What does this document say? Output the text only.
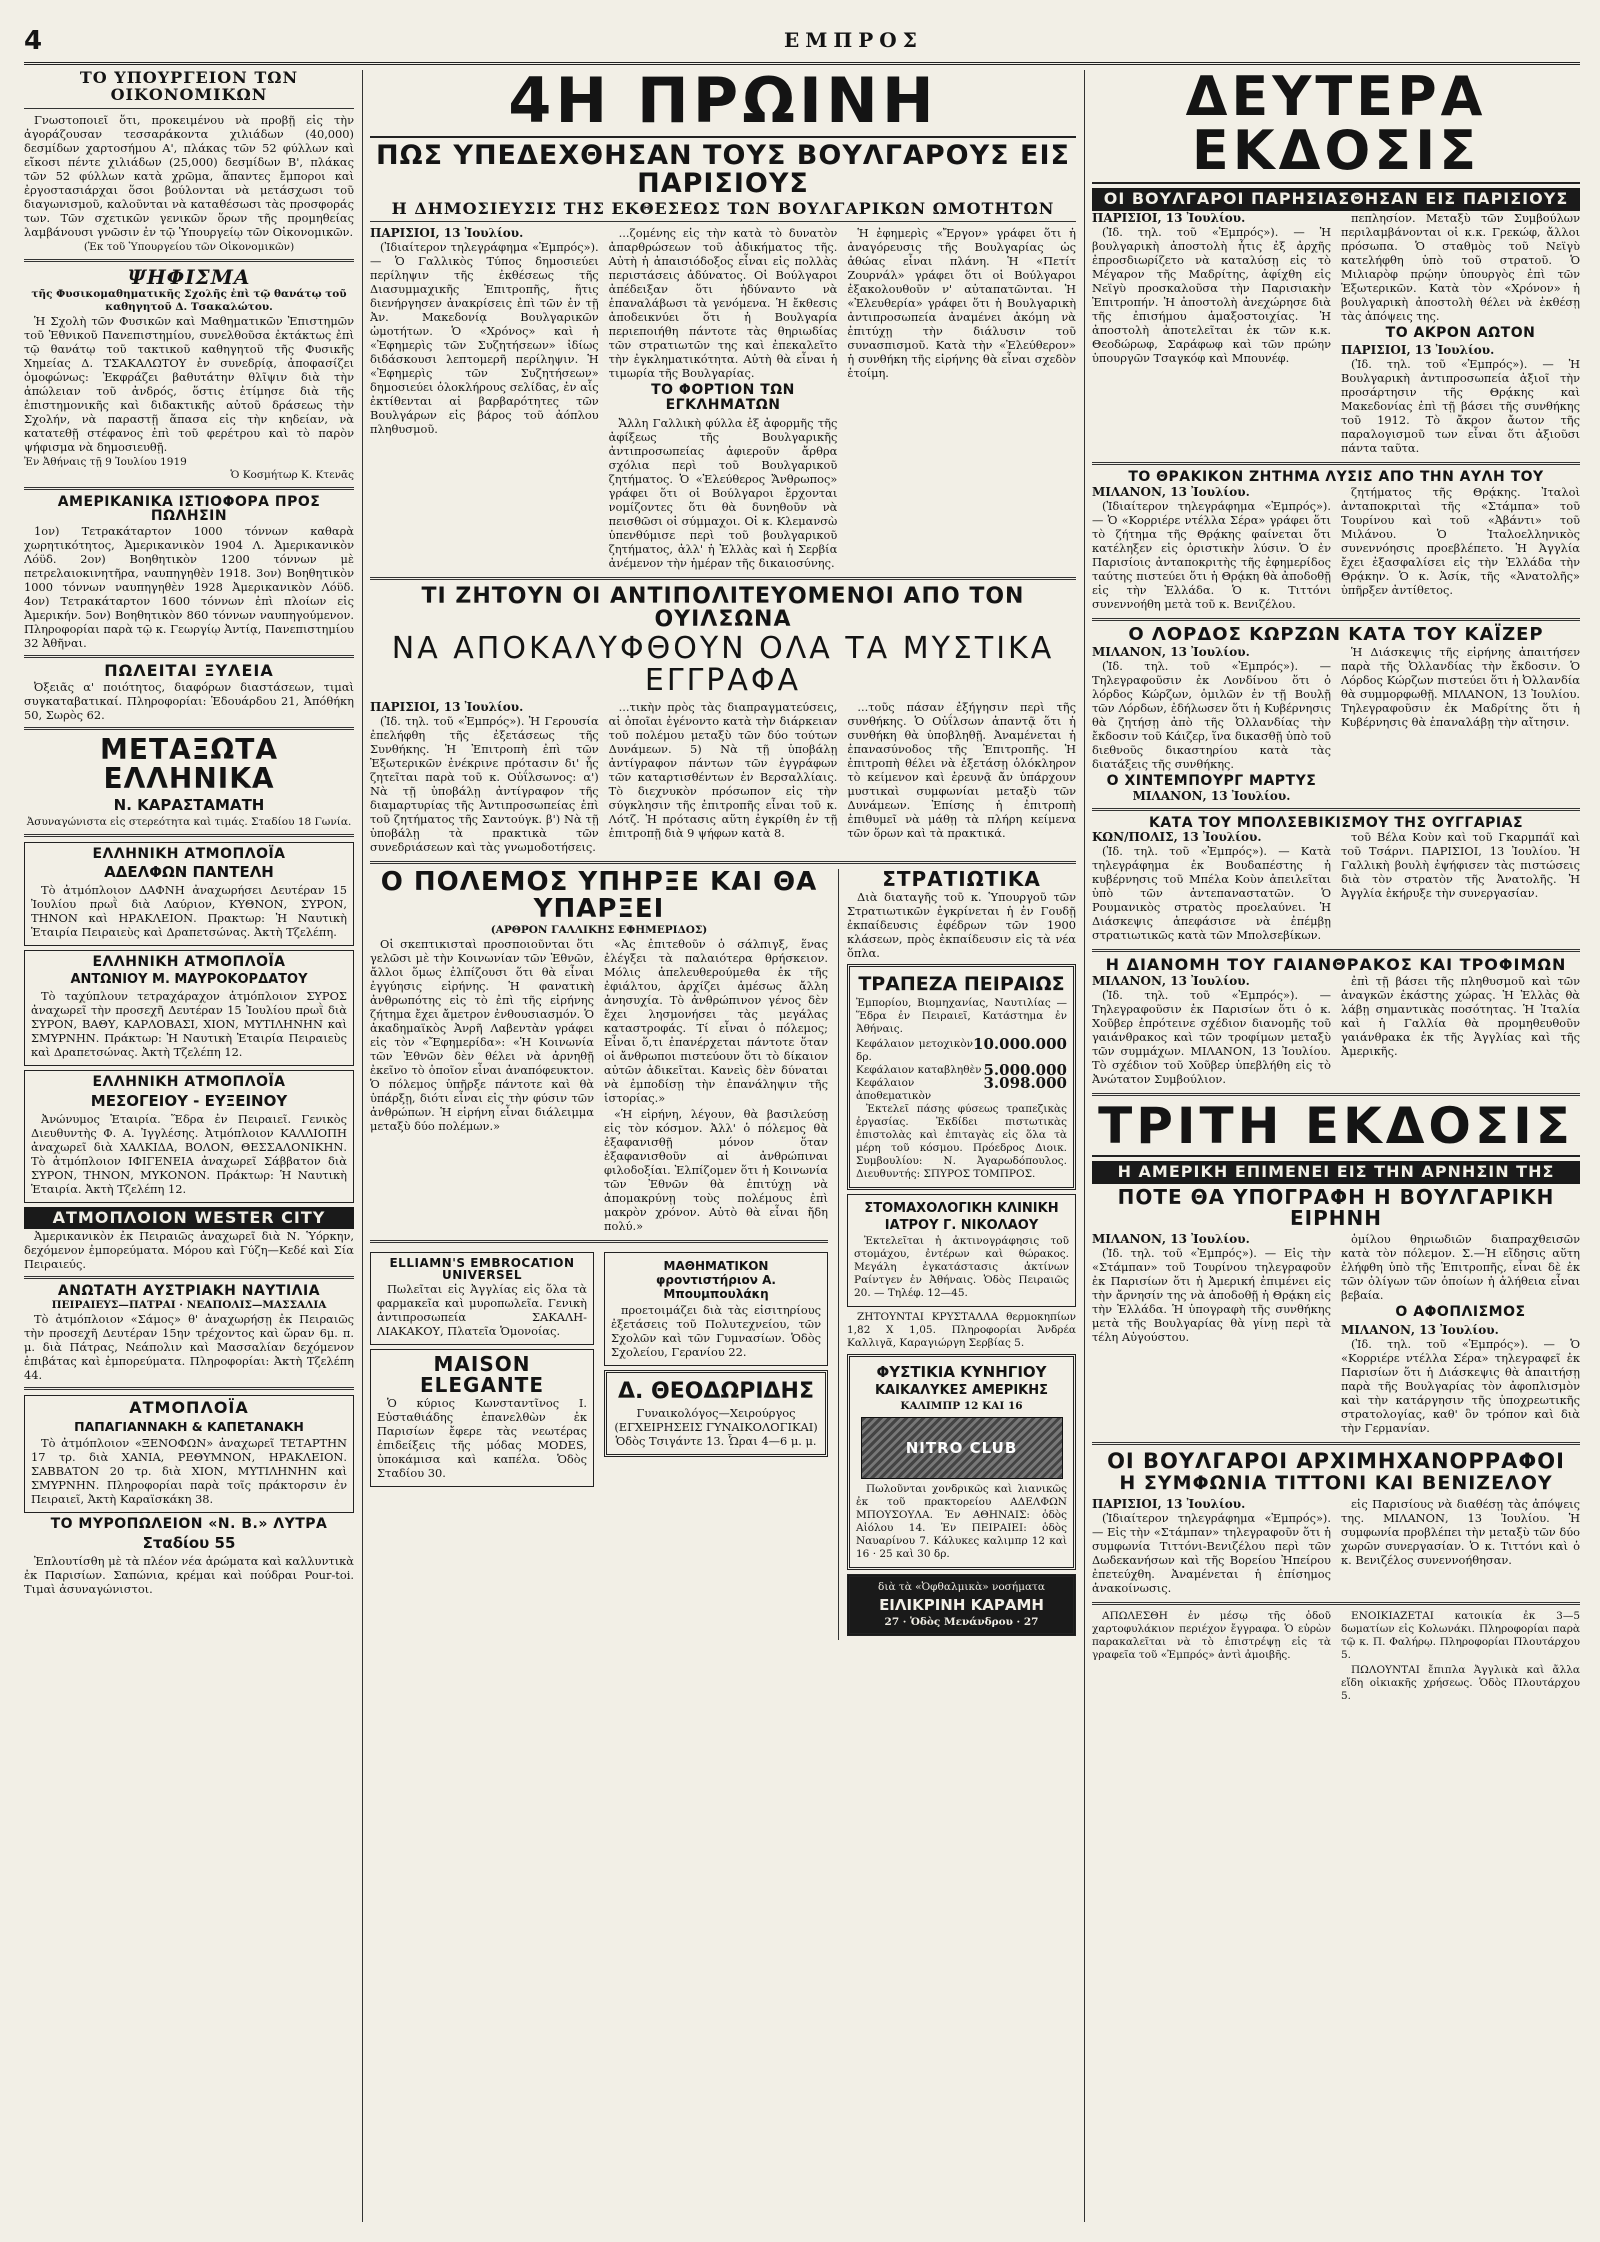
4	ΕΜΠΡΟΣ
ΤΟ ΥΠΟΥΡΓΕΙΟΝ ΤΩΝ ΟΙΚΟΝΟΜΙΚΩΝ

Γνωστοποιεῖ ὅτι, προκειμένου νὰ προβῇ εἰς τὴν ἀγοράζουσαν τεσσαράκοντα χιλιάδων (40,000) δεσμίδων χαρτοσήμου Α', πλάκας τῶν 52 φύλλων καὶ εἴκοσι πέντε χιλιάδων (25,000) δεσμίδων Β', πλάκας τῶν 52 φύλλων κατὰ χρῶμα, ἅπαντες ἔμποροι καὶ ἐργοστασιάρχαι ὅσοι βούλονται νὰ μετάσχωσι τοῦ διαγωνισμοῦ, καλοῦνται νὰ καταθέσωσι τὰς προσφοράς των. Τῶν σχετικῶν γενικῶν ὅρων τῆς προμηθείας λαμβάνουσι γνῶσιν ἐν τῷ Ὑπουργείῳ τῶν Οἰκονομικῶν.

(Ἐκ τοῦ Ὑπουργείου τῶν Οἰκονομικῶν)
ΨΗΦΙΣΜΑ
τῆς Φυσικομαθηματικῆς Σχολῆς ἐπὶ τῷ θανάτῳ τοῦ καθηγητοῦ Δ. Τσακαλώτου.

Ἡ Σχολὴ τῶν Φυσικῶν καὶ Μαθηματικῶν Ἐπιστημῶν τοῦ Ἐθνικοῦ Πανεπιστημίου, συνελθοῦσα ἐκτάκτως ἐπὶ τῷ θανάτῳ τοῦ τακτικοῦ καθηγητοῦ τῆς Φυσικῆς Χημείας Δ. ΤΣΑΚΑΛΩΤΟΥ ἐν συνεδρίᾳ, ἀποφασίζει ὁμοφώνως: Ἐκφράζει βαθυτάτην θλῖψιν διὰ τὴν ἀπώλειαν τοῦ ἀνδρός, ὅστις ἐτίμησε διὰ τῆς ἐπιστημονικῆς καὶ διδακτικῆς αὐτοῦ δράσεως τὴν Σχολήν, νὰ παραστῇ ἅπασα εἰς τὴν κηδείαν, νὰ κατατεθῇ στέφανος ἐπὶ τοῦ φερέτρου καὶ τὸ παρὸν ψήφισμα νὰ δημοσιευθῇ.

Ἐν Ἀθήναις τῇ 9 Ἰουλίου 1919
Ὁ Κοσμήτωρ Κ. Κτενᾶς
ΑΜΕΡΙΚΑΝΙΚΑ ΙΣΤΙΟΦΟΡΑ ΠΡΟΣ ΠΩΛΗΣΙΝ

1ον) Τετρακάταρτον 1000 τόννων καθαρὰ χωρητικότητος, Ἀμερικανικὸν 1904 Λ. Ἀμερικανικὸν Λόϋδ. 2ον) Βοηθητικὸν 1200 τόννων μὲ πετρελαιοκινητῆρα, ναυπηγηθὲν 1918. 3ον) Βοηθητικὸν 1000 τόννων ναυπηγηθὲν 1928 Ἀμερικανικὸν Λόϋδ. 4ον) Τετρακάταρτον 1600 τόννων ἐπὶ πλοίων εἰς Ἀμερικήν. 5ον) Βοηθητικὸν 860 τόννων ναυπηγούμενον. Πληροφορίαι παρὰ τῷ κ. Γεωργίῳ Ἀντίᾳ, Πανεπιστημίου 32 Ἀθῆναι.

ΠΩΛΕΙΤΑΙ ΞΥΛΕΙΑ

Ὀξειᾶς α' ποιότητος, διαφόρων διαστάσεων, τιμαὶ συγκαταβατικαί. Πληροφορίαι: Ἐδουάρδου 21, Ἀπόθήκη 50, Σωρὸς 62.

ΜΕΤΑΞΩΤΑ ΕΛΛΗΝΙΚΑ
Ν. ΚΑΡΑΣΤΑΜΑΤΗ
Ἀσυναγώνιστα εἰς στερεότητα καὶ τιμάς. Σταδίου 18 Γωνία.
ΕΛΛΗΝΙΚΗ ΑΤΜΟΠΛΟΪΑ
ΑΔΕΛΦΩΝ ΠΑΝΤΕΛΗ

Τὸ ἀτμόπλοιον ΔΑΦΝΗ ἀναχωρήσει Δευτέραν 15 Ἰουλίου πρωῒ διὰ Λαύριον, ΚΥΘΝΟΝ, ΣΥΡΟΝ, ΤΗΝΟΝ καὶ ΗΡΑΚΛΕΙΟΝ. Πρακτωρ: Ἡ Ναυτικὴ Ἑταιρία Πειραιεὺς καὶ Δραπετσώνας. Ἀκτὴ Τζελέπη.

ΕΛΛΗΝΙΚΗ ΑΤΜΟΠΛΟΪΑ
ΑΝΤΩΝΙΟΥ Μ. ΜΑΥΡΟΚΟΡΔΑΤΟΥ

Τὸ ταχύπλουν τετραχάραχον ἀτμόπλοιον ΣΥΡΟΣ ἀναχωρεῖ τὴν προσεχῆ Δευτέραν 15 Ἰουλίου πρωῒ διὰ ΣΥΡΟΝ, ΒΑΘΥ, ΚΑΡΛΟΒΑΣΙ, ΧΙΟΝ, ΜΥΤΙΛΗΝΗΝ καὶ ΣΜΥΡΝΗΝ. Πράκτωρ: Ἡ Ναυτικὴ Ἑταιρία Πειραιεὺς καὶ Δραπετσώνας. Ἀκτὴ Τζελέπη 12.

ΕΛΛΗΝΙΚΗ ΑΤΜΟΠΛΟΪΑ
ΜΕΣΟΓΕΙΟΥ - ΕΥΞΕΙΝΟΥ

Ἀνώνυμος Ἑταιρία. Ἕδρα ἐν Πειραιεῖ. Γενικὸς Διευθυντὴς Φ. Α. Ἰγγλέσης. Ἀτμόπλοιον ΚΑΛΛΙΟΠΗ ἀναχωρεῖ διὰ ΧΑΛΚΙΔΑ, ΒΟΛΟΝ, ΘΕΣΣΑΛΟΝΙΚΗΝ. Τὸ ἀτμόπλοιον ΙΦΙΓΕΝΕΙΑ ἀναχωρεῖ Σάββατον διὰ ΣΥΡΟΝ, ΤΗΝΟΝ, ΜΥΚΟΝΟΝ. Πράκτωρ: Ἡ Ναυτικὴ Ἑταιρία. Ἀκτὴ Τζελέπη 12.

ΑΤΜΟΠΛΟΙΟΝ WESTER CITY

Ἀμερικανικὸν ἐκ Πειραιῶς ἀναχωρεῖ διὰ Ν. Ὑόρκην, δεχόμενον ἐμπορεύματα. Μόρου καὶ Γύζη—Κεδέ καὶ Σία Πειραιεύς.

ΑΝΩΤΑΤΗ ΑΥΣΤΡΙΑΚΗ ΝΑΥΤΙΛΙΑ
ΠΕΙΡΑΙΕΥΣ—ΠΑΤΡΑΙ · ΝΕΑΠΟΛΙΣ—ΜΑΣΣΑΛΙΑ

Τὸ ἀτμόπλοιον «Σάμος» θ' ἀναχωρήσῃ ἐκ Πειραιῶς τὴν προσεχῆ Δευτέραν 15ην τρέχοντος καὶ ὥραν 6μ. π. μ. διὰ Πάτρας, Νεάπολιν καὶ Μασσαλίαν δεχόμενον ἐπιβάτας καὶ ἐμπορεύματα. Πληροφορίαι: Ἀκτὴ Τζελέπη 44.

ΑΤΜΟΠΛΟΪΑ
ΠΑΠΑΓΙΑΝΝΑΚΗ & ΚΑΠΕΤΑΝΑΚΗ

Τὸ ἀτμόπλοιον «ΞΕΝΟΦΩΝ» ἀναχωρεῖ ΤΕΤΑΡΤΗΝ 17 τρ. διὰ ΧΑΝΙΑ, ΡΕΘΥΜΝΟΝ, ΗΡΑΚΛΕΙΟΝ. ΣΑΒΒΑΤΟΝ 20 τρ. διὰ ΧΙΟΝ, ΜΥΤΙΛΗΝΗΝ καὶ ΣΜΥΡΝΗΝ. Πληροφορίαι παρὰ τοῖς πράκτορσιν ἐν Πειραιεῖ, Ἀκτὴ Καραϊσκάκη 38.

ΤΟ ΜΥΡΟΠΩΛΕΙΟΝ «Ν. Β.» ΛΥΤΡΑ
Σταδίου 55

Ἐπλουτίσθη μὲ τὰ πλέον νέα ἀρώματα καὶ καλλυντικὰ ἐκ Παρισίων. Σαπώνια, κρέμαι καὶ πούδραι Pour-toi. Τιμαὶ ἀσυναγώνιστοι.

4Η ΠΡΩΙΝΗ
ΠΩΣ ΥΠΕΔΕΧΘΗΣΑΝ ΤΟΥΣ ΒΟΥΛΓΑΡΟΥΣ ΕΙΣ ΠΑΡΙΣΙΟΥΣ
Η ΔΗΜΟΣΙΕΥΣΙΣ ΤΗΣ ΕΚΘΕΣΕΩΣ ΤΩΝ ΒΟΥΛΓΑΡΙΚΩΝ ΩΜΟΤΗΤΩΝ
ΠΑΡΙΣΙΟΙ, 13 Ἰουλίου.

(Ἰδιαίτερον τηλεγράφημα «Ἐμπρός»). — Ὁ Γαλλικὸς Τύπος δημοσιεύει περίληψιν τῆς ἐκθέσεως τῆς Διασυμμαχικῆς Ἐπιτροπῆς, ἥτις διενήργησεν ἀνακρίσεις ἐπὶ τῶν ἐν τῇ Ἀν. Μακεδονίᾳ Βουλγαρικῶν ὠμοτήτων. Ὁ «Χρόνος» καὶ ἡ «Ἐφημερὶς τῶν Συζητήσεων» ἰδίως διδάσκουσι λεπτομερῆ περίληψιν. Ἡ «Ἐφημερὶς τῶν Συζητήσεων» δημοσιεύει ὁλοκλήρους σελίδας, ἐν αἷς ἐκτίθενται αἱ βαρβαρότητες τῶν Βουλγάρων εἰς βάρος τοῦ ἀόπλου πληθυσμοῦ.

...ζομένης εἰς τὴν κατὰ τὸ δυνατὸν ἀπαρθρώσεων τοῦ ἀδικήματος τῆς. Αὐτὴ ἡ ἀπαισιόδοξος εἶναι εἰς πολλὰς περιστάσεις ἀδύνατος. Οἱ Βούλγαροι ἀπέδειξαν ὅτι ἠδύναντο νὰ ἐπαναλάβωσι τὰ γενόμενα. Ἡ ἔκθεσις ἀποδεικνύει ὅτι ἡ Βουλγαρία περιεποιήθη πάντοτε τὰς θηριωδίας τῶν στρατιωτῶν της καὶ ἐπεκαλεῖτο τὴν ἐγκληματικότητα. Αὐτὴ θὰ εἶναι ἡ τιμωρία τῆς Βουλγαρίας.

ΤΟ ΦΟΡΤΙΟΝ ΤΩΝ ΕΓΚΛΗΜΑΤΩΝ

Ἄλλη Γαλλικὴ φύλλα ἐξ ἀφορμῆς τῆς ἀφίξεως τῆς Βουλγαρικῆς ἀντιπροσωπείας ἀφιεροῦν ἄρθρα σχόλια περὶ τοῦ Βουλγαρικοῦ ζητήματος. Ὁ «Ἐλεύθερος Ἄνθρωπος» γράφει ὅτι οἱ Βούλγαροι ἔρχονται νομίζοντες ὅτι θὰ δυνηθοῦν νὰ πεισθῶσι οἱ σύμμαχοι. Οἱ κ. Κλεμανσὼ ὑπενθύμισε περὶ τοῦ βουλγαρικοῦ ζητήματος, ἀλλ' ἡ Ἑλλὰς καὶ ἡ Σερβία ἀνέμενον τὴν ἡμέραν τῆς δικαιοσύνης.

Ἡ ἐφημερὶς «Ἔργον» γράφει ὅτι ἡ ἀναγόρευσις τῆς Βουλγαρίας ὡς ἀθώας εἶναι πλάνη. Ἡ «Πετίτ Ζουρνάλ» γράφει ὅτι οἱ Βούλγαροι ἐξακολουθοῦν ν' αὐταπατῶνται. Ἡ «Ἐλευθερία» γράφει ὅτι ἡ Βουλγαρικὴ ἀντιπροσωπεία ἀναμένει ἀκόμη νὰ ἐπιτύχῃ τὴν διάλυσιν τοῦ συνασπισμοῦ. Κατὰ τὴν «Ἐλεύθερον» ἡ συνθήκη τῆς εἰρήνης θὰ εἶναι σχεδὸν ἑτοίμη.

ΤΙ ΖΗΤΟΥΝ ΟΙ ΑΝΤΙΠΟΛΙΤΕΥΟΜΕΝΟΙ ΑΠΟ ΤΟΝ ΟΥΙΛΣΩΝΑ
ΝΑ ΑΠΟΚΑΛΥΦΘΟΥΝ ΟΛΑ ΤΑ ΜΥΣΤΙΚΑ ΕΓΓΡΑΦΑ
ΠΑΡΙΣΙΟΙ, 13 Ἰουλίου.

(Ἰδ. τηλ. τοῦ «Ἐμπρός»). Ἡ Γερουσία ἐπελήφθη τῆς ἐξετάσεως τῆς Συνθήκης. Ἡ Ἐπιτροπὴ ἐπὶ τῶν Ἐξωτερικῶν ἐνέκρινε πρότασιν δι' ἧς ζητεῖται παρὰ τοῦ κ. Οὐΐλσωνος: α') Νὰ τῇ ὑποβάλῃ ἀντίγραφον τῆς διαμαρτυρίας τῆς Ἀντιπροσωπείας ἐπὶ τοῦ ζητήματος τῆς Σαντούγκ. β') Νὰ τῇ ὑποβάλῃ τὰ πρακτικὰ τῶν συνεδριάσεων καὶ τὰς γνωμοδοτήσεις.

...τικὴν πρὸς τὰς διαπραγματεύσεις, αἱ ὁποῖαι ἐγένοντο κατὰ τὴν διάρκειαν τοῦ πολέμου μεταξὺ τῶν δύο τούτων Δυνάμεων. 5) Νὰ τῇ ὑποβάλῃ ἀντίγραφον πάντων τῶν ἐγγράφων τῶν καταρτισθέντων ἐν Βερσαλλίαις. Τὸ διεχνυκὸν πρόσωπον εἰς τὴν σύγκλησιν τῆς ἐπιτροπῆς εἶναι τοῦ κ. Λότζ. Ἡ πρότασις αὕτη ἐγκρίθη ἐν τῇ ἐπιτροπῇ διὰ 9 ψήφων κατὰ 8.

...τοῦς πάσαν ἐξήγησιν περὶ τῆς συνθήκης. Ὁ Οὐΐλσων ἀπαντᾷ ὅτι ἡ συνθήκη θὰ ὑποβληθῇ. Ἀναμένεται ἡ ἐπανασύνοδος τῆς Ἐπιτροπῆς. Ἡ ἐπιτροπὴ θέλει νὰ ἐξετάσῃ ὁλόκληρον τὸ κείμενον καὶ ἐρευνᾷ ἄν ὑπάρχουν μυστικαὶ συμφωνίαι μεταξὺ τῶν Δυνάμεων. Ἐπίσης ἡ ἐπιτροπὴ ἐπιθυμεῖ νὰ μάθῃ τὰ πλήρη κείμενα τῶν ὅρων καὶ τὰ πρακτικά.

Ο ΠΟΛΕΜΟΣ ΥΠΗΡΞΕ ΚΑΙ ΘΑ ΥΠΑΡΞΕΙ
(ΑΡΘΡΟΝ ΓΑΛΛΙΚΗΣ ΕΦΗΜΕΡΙΔΟΣ)

Οἱ σκεπτικισταὶ προσποιοῦνται ὅτι γελῶσι μὲ τὴν Κοινωνίαν τῶν Ἐθνῶν, ἄλλοι ὅμως ἐλπίζουσι ὅτι θὰ εἶναι ἐγγύησις εἰρήνης. Ἡ φανατικὴ ἀνθρωπότης εἰς τὸ ἐπὶ τῆς εἰρήνης ζήτημα ἔχει ἄμετρον ἐνθουσιασμόν. Ὁ ἀκαδημαϊκὸς Ἀνρῆ Λαβεντὰν γράφει εἰς τὸν «Ἔφημερίδα»: «Ἡ Κοινωνία τῶν Ἐθνῶν δὲν θέλει νὰ ἀρνηθῇ ἐκεῖνο τὸ ὁποῖον εἶναι ἀναπόφευκτον. Ὁ πόλεμος ὑπῆρξε πάντοτε καὶ θὰ ὑπάρξῃ, διότι εἶναι εἰς τὴν φύσιν τῶν ἀνθρώπων. Ἡ εἰρήνη εἶναι διάλειμμα μεταξὺ δύο πολέμων.»

«Ἀς ἐπιτεθοῦν ὁ σάλπιγξ, ἕνας ἐλέγξει τὰ παλαιότερα θρήσκειον. Μόλις ἀπελευθερούμεθα ἐκ τῆς ἐφιάλτου, ἀρχίζει ἀμέσως ἄλλη ἀνησυχία. Τὸ ἀνθρώπινον γένος δὲν ἔχει λησμονήσει τὰς μεγάλας καταστροφάς. Τί εἶναι ὁ πόλεμος; Εἶναι ὅ,τι ἐπανέρχεται πάντοτε ὅταν οἱ ἄνθρωποι πιστεύουν ὅτι τὸ δίκαιον αὐτῶν ἀδικεῖται. Κανεὶς δὲν δύναται νὰ ἐμποδίσῃ τὴν ἐπανάληψιν τῆς ἱστορίας.»

«Ἡ εἰρήνη, λέγουν, θὰ βασιλεύσῃ εἰς τὸν κόσμον. Ἀλλ' ὁ πόλεμος θὰ ἐξαφανισθῇ μόνον ὅταν ἐξαφανισθοῦν αἱ ἀνθρώπιναι φιλοδοξίαι. Ἐλπίζομεν ὅτι ἡ Κοινωνία τῶν Ἐθνῶν θὰ ἐπιτύχῃ νὰ ἀπομακρύνῃ τοὺς πολέμους ἐπὶ μακρὸν χρόνον. Αὐτὸ θὰ εἶναι ἤδη πολύ.»

ELLIAMN'S EMBROCATION UNIVERSEL

Πωλεῖται εἰς Ἀγγλίας εἰς ὅλα τὰ φαρμακεῖα καὶ μυροπωλεῖα. Γενικὴ ἀντιπροσωπεία ΣΑΚΑΛΗ-ΛΙΑΚΑΚΟΥ, Πλατεῖα Ὁμονοίας.

MAISON ELEGANTE

Ὁ κύριος Κωνσταντῖνος Ι. Εὐσταθιάδης ἐπανελθὼν ἐκ Παρισίων ἔφερε τὰς νεωτέρας ἐπιδείξεις τῆς μόδας MODES, ὑποκάμισα καὶ καπέλα. Ὁδὸς Σταδίου 30.

ΜΑΘΗΜΑΤΙΚΟΝ φροντιστήριον Α. Μπουμπουλάκη

προετοιμάζει διὰ τὰς εἰσιτηρίους ἐξετάσεις τοῦ Πολυτεχνείου, τῶν Σχολῶν καὶ τῶν Γυμνασίων. Ὁδὸς Σχολείου, Γερανίου 22.

Δ. ΘΕΟΔΩΡΙΔΗΣ

Γυναικολόγος—Χειρούργος (ΕΓΧΕΙΡΗΣΕΙΣ ΓΥΝΑΙΚΟΛΟΓΙΚΑΙ) Ὁδὸς Τσιγάντε 13. Ὧραι 4—6 μ. μ.

ΣΤΡΑΤΙΩΤΙΚΑ

Διὰ διαταγῆς τοῦ κ. Ὑπουργοῦ τῶν Στρατιωτικῶν ἐγκρίνεται ἡ ἐν Γουδῇ ἐκπαίδευσις ἐφέδρων τῶν 1900 κλάσεων, πρὸς ἐκπαίδευσιν εἰς τὰ νέα ὅπλα.

ΤΡΑΠΕΖΑ ΠΕΙΡΑΙΩΣ

Ἐμπορίου, Βιομηχανίας, Ναυτιλίας — Ἕδρα ἐν Πειραιεῖ, Κατάστημα ἐν Ἀθήναις.

Κεφάλαιον μετοχικὸν δρ.
10.000.000
Κεφάλαιον καταβληθὲν 5.000.000
Κεφάλαιον ἀποθεματικὸν
3.098.000

Ἐκτελεῖ πάσης φύσεως τραπεζικὰς ἐργασίας. Ἐκδίδει πιστωτικὰς ἐπιστολὰς καὶ ἐπιταγὰς εἰς ὅλα τὰ μέρη τοῦ κόσμου. Πρόεδρος Διοικ. Συμβουλίου: Ν. Ἀγαρωδόπουλος. Διευθυντής: ΣΠΥΡΟΣ ΤΟΜΠΡΟΣ.

ΣΤΟΜΑΧΟΛΟΓΙΚΗ ΚΛΙΝΙΚΗ
ΙΑΤΡΟΥ Γ. ΝΙΚΟΛΑΟΥ

Ἐκτελεῖται ἡ ἀκτινογράφησις τοῦ στομάχου, ἐντέρων καὶ θώρακος. Μεγάλη ἐγκατάστασις ἀκτίνων Ραίντγεν ἐν Ἀθήναις. Ὁδὸς Πειραιῶς 20. — Τηλέφ. 12—45.

ΖΗΤΟΥΝΤΑΙ ΚΡΥΣΤΑΛΛΑ θερμοκηπίων 1,82 Χ 1,05. Πληροφορίαι Ἀνδρέα Καλλιγᾶ, Καραγιώργη Σερβίας 5.

ΦΥΣΤΙΚΙΑ ΚΥΝΗΓΙΟΥ
ΚΑΙΚΑΛΥΚΕΣ ΑΜΕΡΙΚΗΣ
ΚΑΛΙΜΠΡ 12 ΚΑΙ 16
NITRO CLUB

Πωλοῦνται χονδρικῶς καὶ λιανικῶς ἐκ τοῦ πρακτορείου ΑΔΕΛΦΩΝ ΜΠΟΥΣΟΥΛΑ. Ἐν ΑΘΗΝΑΙΣ: ὁδὸς Αἰόλου 14. Ἐν ΠΕΙΡΑΙΕΙ: ὁδὸς Ναυαρίνου 7. Κάλυκες καλιμπρ 12 καὶ 16 · 25 καὶ 30 δρ.

διὰ τὰ «Ὀφθαλμικὰ» νοσήματα
ΕΙΛΙΚΡΙΝΗ ΚΑΡΑΜΗ
27 · Ὁδὸς Μενάνδρου · 27
ΔΕΥΤΕΡΑ ΕΚΔΟΣΙΣ
ΟΙ ΒΟΥΛΓΑΡΟΙ ΠΑΡΗΣΙΑΣΘΗΣΑΝ ΕΙΣ ΠΑΡΙΣΙΟΥΣ
ΠΑΡΙΣΙΟΙ, 13 Ἰουλίου.

(Ἰδ. τηλ. τοῦ «Ἐμπρός»). — Ἡ βουλγαρικὴ ἀποστολὴ ἦτις ἐξ ἀρχῆς ἐπροσδιωρίζετο νὰ καταλύσῃ εἰς τὸ Μέγαρον τῆς Μαδρίτης, ἀφίχθη εἰς Νεϊγὺ προσκαλοῦσα τὴν Παρισιακὴν Ἐπιτροπήν. Ἡ ἀποστολὴ ἀνεχώρησε διὰ τῆς ἐπισήμου ἀμαξοστοιχίας. Ἡ ἀποστολὴ ἀποτελεῖται ἐκ τῶν κ.κ. Θεοδώρωφ, Σαράφωφ καὶ τῶν πρώην ὑπουργῶν Τσαγκόφ καὶ Μπουνέφ.

πεπλησίον. Μεταξὺ τῶν Συμβούλων περιλαμβάνονται οἱ κ.κ. Γρεκώφ, ἄλλοι πρόσωπα. Ὁ σταθμὸς τοῦ Νεϊγὺ κατελήφθη ὑπὸ τοῦ στρατοῦ. Ὁ Μιλιαρὸφ πρῴην ὑπουργὸς ἐπὶ τῶν Ἐξωτερικῶν. Κατὰ τὸν «Χρόνον» ἡ βουλγαρικὴ ἀποστολὴ θέλει νὰ ἐκθέσῃ τὰς ἀπόψεις της.

ΤΟ ΑΚΡΟΝ ΑΩΤΟΝ
ΠΑΡΙΣΙΟΙ, 13 Ἰουλίου.

(Ἰδ. τηλ. τοῦ «Ἐμπρός»). — Ἡ Βουλγαρικὴ ἀντιπροσωπεία ἀξιοῖ τὴν προσάρτησιν τῆς Θρᾴκης καὶ Μακεδονίας ἐπὶ τῇ βάσει τῆς συνθήκης τοῦ 1912. Τὸ ἄκρον ἄωτον τῆς παραλογισμοῦ των εἶναι ὅτι ἀξιοῦσι πάντα ταῦτα.

ΤΟ ΘΡΑΚΙΚΟΝ ΖΗΤΗΜΑ ΛΥΣΙΣ ΑΠΟ ΤΗΝ ΑΥΛΗ ΤΟΥ
ΜΙΛΑΝΟΝ, 13 Ἰουλίου.

(Ἰδιαίτερον τηλεγράφημα «Ἐμπρός»). — Ὁ «Κορριέρε ντέλλα Σέρα» γράφει ὅτι τὸ ζήτημα τῆς Θρᾴκης φαίνεται ὅτι κατέληξεν εἰς ὁριστικὴν λύσιν. Ὁ ἐν Παρισίοις ἀνταποκριτὴς τῆς ἐφημερίδος ταύτης πιστεύει ὅτι ἡ Θρᾴκη θὰ ἀποδοθῇ εἰς τὴν Ἑλλάδα. Ὁ κ. Τιττόνι συνεννοήθη μετὰ τοῦ κ. Βενιζέλου.

ζητήματος τῆς Θρᾴκης. Ἰταλοὶ ἀνταποκριταὶ τῆς «Στάμπα» τοῦ Τουρίνου καὶ τοῦ «Ἀβάντι» τοῦ Μιλάνου. Ὁ Ἰταλοελληνικὸς συνεννόησις προεβλέπετο. Ἡ Ἀγγλία ἔχει ἐξασφαλίσει εἰς τὴν Ἑλλάδα τὴν Θρᾴκην. Ὁ κ. Ἀσίκ, τῆς «Ἀνατολῆς» ὑπῆρξεν ἀντίθετος.

Ο ΛΟΡΔΟΣ ΚΩΡΖΩΝ ΚΑΤΑ ΤΟΥ ΚΑΪΖΕΡ
ΜΙΛΑΝΟΝ, 13 Ἰουλίου.

(Ἰδ. τηλ. τοῦ «Ἐμπρός»). — Τηλεγραφοῦσιν ἐκ Λονδίνου ὅτι ὁ λόρδος Κώρζων, ὁμιλῶν ἐν τῇ Βουλῇ τῶν Λόρδων, ἐδήλωσεν ὅτι ἡ Κυβέρνησις θὰ ζητήσῃ ἀπὸ τῆς Ὀλλανδίας τὴν ἔκδοσιν τοῦ Κάιζερ, ἵνα δικασθῇ ὑπὸ τοῦ διεθνοῦς δικαστηρίου κατὰ τὰς διατάξεις τῆς συνθήκης.

Ο ΧΙΝΤΕΜΠΟΥΡΓ ΜΑΡΤΥΣ
ΜΙΛΑΝΟΝ, 13 Ἰουλίου.

Ἡ Διάσκεψις τῆς εἰρήνης ἀπαιτήσεν παρὰ τῆς Ὀλλανδίας τὴν ἔκδοσιν. Ὁ Λόρδος Κώρζων πιστεύει ὅτι ἡ Ὀλλανδία θὰ συμμορφωθῇ. ΜΙΛΑΝΟΝ, 13 Ἰουλίου. Τηλεγραφοῦσιν ἐκ Μαδρίτης ὅτι ἡ Κυβέρνησις θὰ ἐπαναλάβῃ τὴν αἴτησιν.

ΚΑΤΑ ΤΟΥ ΜΠΟΛΣΕΒΙΚΙΣΜΟΥ ΤΗΣ ΟΥΓΓΑΡΙΑΣ
ΚΩΝ/ΠΟΛΙΣ, 13 Ἰουλίου.

(Ἰδ. τηλ. τοῦ «Ἐμπρός»). — Κατὰ τηλεγράφημα ἐκ Βουδαπέστης ἡ κυβέρνησις τοῦ Μπέλα Κοὺν ἀπειλεῖται ὑπὸ τῶν ἀντεπαναστατῶν. Ὁ Ρουμανικὸς στρατὸς προελαύνει. Ἡ Διάσκεψις ἀπεφάσισε νὰ ἐπέμβῃ στρατιωτικῶς κατὰ τῶν Μπολσεβίκων.

τοῦ Βέλα Κοὺν καὶ τοῦ Γκαρμπάϊ καὶ τοῦ Τσάρνι. ΠΑΡΙΣΙΟΙ, 13 Ἰουλίου. Ἡ Γαλλικὴ βουλὴ ἐψήφισεν τὰς πιστώσεις διὰ τὸν στρατὸν τῆς Ἀνατολῆς. Ἡ Ἀγγλία ἐκήρυξε τὴν συνεργασίαν.

Η ΔΙΑΝΟΜΗ ΤΟΥ ΓΑΙΑΝΘΡΑΚΟΣ ΚΑΙ ΤΡΟΦΙΜΩΝ
ΜΙΛΑΝΟΝ, 13 Ἰουλίου.

(Ἰδ. τηλ. τοῦ «Ἐμπρός»). — Τηλεγραφοῦσιν ἐκ Παρισίων ὅτι ὁ κ. Χοῦβερ ἐπρότεινε σχέδιον διανομῆς τοῦ γαιάνθρακος καὶ τῶν τροφίμων μεταξὺ τῶν συμμάχων. ΜΙΛΑΝΟΝ, 13 Ἰουλίου. Τὸ σχέδιον τοῦ Χοῦβερ ὑπεβλήθη εἰς τὸ Ἀνώτατον Συμβούλιον.

ἐπὶ τῇ βάσει τῆς πληθυσμοῦ καὶ τῶν ἀναγκῶν ἑκάστης χώρας. Ἡ Ἑλλὰς θὰ λάβῃ σημαντικὰς ποσότητας. Ἡ Ἰταλία καὶ ἡ Γαλλία θὰ προμηθευθοῦν γαιάνθρακα ἐκ τῆς Ἀγγλίας καὶ τῆς Ἀμερικῆς.

ΤΡΙΤΗ ΕΚΔΟΣΙΣ
Η ΑΜΕΡΙΚΗ ΕΠΙΜΕΝΕΙ ΕΙΣ ΤΗΝ ΑΡΝΗΣΙΝ ΤΗΣ
ΠΟΤΕ ΘΑ ΥΠΟΓΡΑΦΗ Η ΒΟΥΛΓΑΡΙΚΗ ΕΙΡΗΝΗ
ΜΙΛΑΝΟΝ, 13 Ἰουλίου.

(Ἰδ. τηλ. τοῦ «Ἐμπρός»). — Εἰς τὴν «Στάμπαν» τοῦ Τουρίνου τηλεγραφοῦν ἐκ Παρισίων ὅτι ἡ Ἀμερική ἐπιμένει εἰς τὴν ἄρνησίν της νὰ ἀποδοθῇ ἡ Θρᾴκη εἰς τὴν Ἑλλάδα. Ἡ ὑπογραφὴ τῆς συνθήκης μετὰ τῆς Βουλγαρίας θὰ γίνῃ περὶ τὰ τέλη Αὐγούστου.

ὁμίλου θηριωδιῶν διαπραχθεισῶν κατὰ τὸν πόλεμον. Σ.—Ἡ εἴδησις αὕτη ἐλήφθη ὑπὸ τῆς Ἐπιτροπῆς, εἶναι δὲ ἐκ τῶν ὀλίγων τῶν ὁποίων ἡ ἀλήθεια εἶναι βεβαία.

Ο ΑΦΟΠΛΙΣΜΟΣ
ΜΙΛΑΝΟΝ, 13 Ἰουλίου.

(Ἰδ. τηλ. τοῦ «Ἐμπρός»). — Ὁ «Κορριέρε ντέλλα Σέρα» τηλεγραφεῖ ἐκ Παρισίων ὅτι ἡ Διάσκεψις θὰ ἀπαιτήσῃ παρὰ τῆς Βουλγαρίας τὸν ἀφοπλισμὸν καὶ τὴν κατάργησιν τῆς ὑποχρεωτικῆς στρατολογίας, καθ' ὃν τρόπον καὶ διὰ τὴν Γερμανίαν.

ΟΙ ΒΟΥΛΓΑΡΟΙ ΑΡΧΙΜΗΧΑΝΟΡΡΑΦΟΙ
Η ΣΥΜΦΩΝΙΑ ΤΙΤΤΟΝΙ ΚΑΙ ΒΕΝΙΖΕΛΟΥ
ΠΑΡΙΣΙΟΙ, 13 Ἰουλίου.

(Ἰδιαίτερον τηλεγράφημα «Ἐμπρός»). — Εἰς τὴν «Στάμπαν» τηλεγραφοῦν ὅτι ἡ συμφωνία Τιττόνι-Βενιζέλου περὶ τῶν Δωδεκανήσων καὶ τῆς Βορείου Ἠπείρου ἐπετεύχθη. Ἀναμένεται ἡ ἐπίσημος ἀνακοίνωσις.

εἰς Παρισίους νὰ διαθέσῃ τὰς ἀπόψεις της. ΜΙΛΑΝΟΝ, 13 Ἰουλίου. Ἡ συμφωνία προβλέπει τὴν μεταξὺ τῶν δύο χωρῶν συνεργασίαν. Ὁ κ. Τιττόνι καὶ ὁ κ. Βενιζέλος συνεννοήθησαν.

ΑΠΩΛΕΣΘΗ ἐν μέσῳ τῆς ὁδοῦ χαρτοφυλάκιον περιέχον ἔγγραφα. Ὁ εὑρὼν παρακαλεῖται νὰ τὸ ἐπιστρέψῃ εἰς τὰ γραφεῖα τοῦ «Ἐμπρός» ἀντὶ ἀμοιβῆς.

ΕΝΟΙΚΙΑΖΕΤΑΙ κατοικία ἐκ 3—5 δωματίων εἰς Κολωνάκι. Πληροφορίαι παρὰ τῷ κ. Π. Φαλήρῳ. Πληροφορίαι Πλουτάρχου 5.

ΠΩΛΟΥΝΤΑΙ ἔπιπλα Ἀγγλικὰ καὶ ἄλλα εἴδη οἰκιακῆς χρήσεως. Ὁδὸς Πλουτάρχου 5.
